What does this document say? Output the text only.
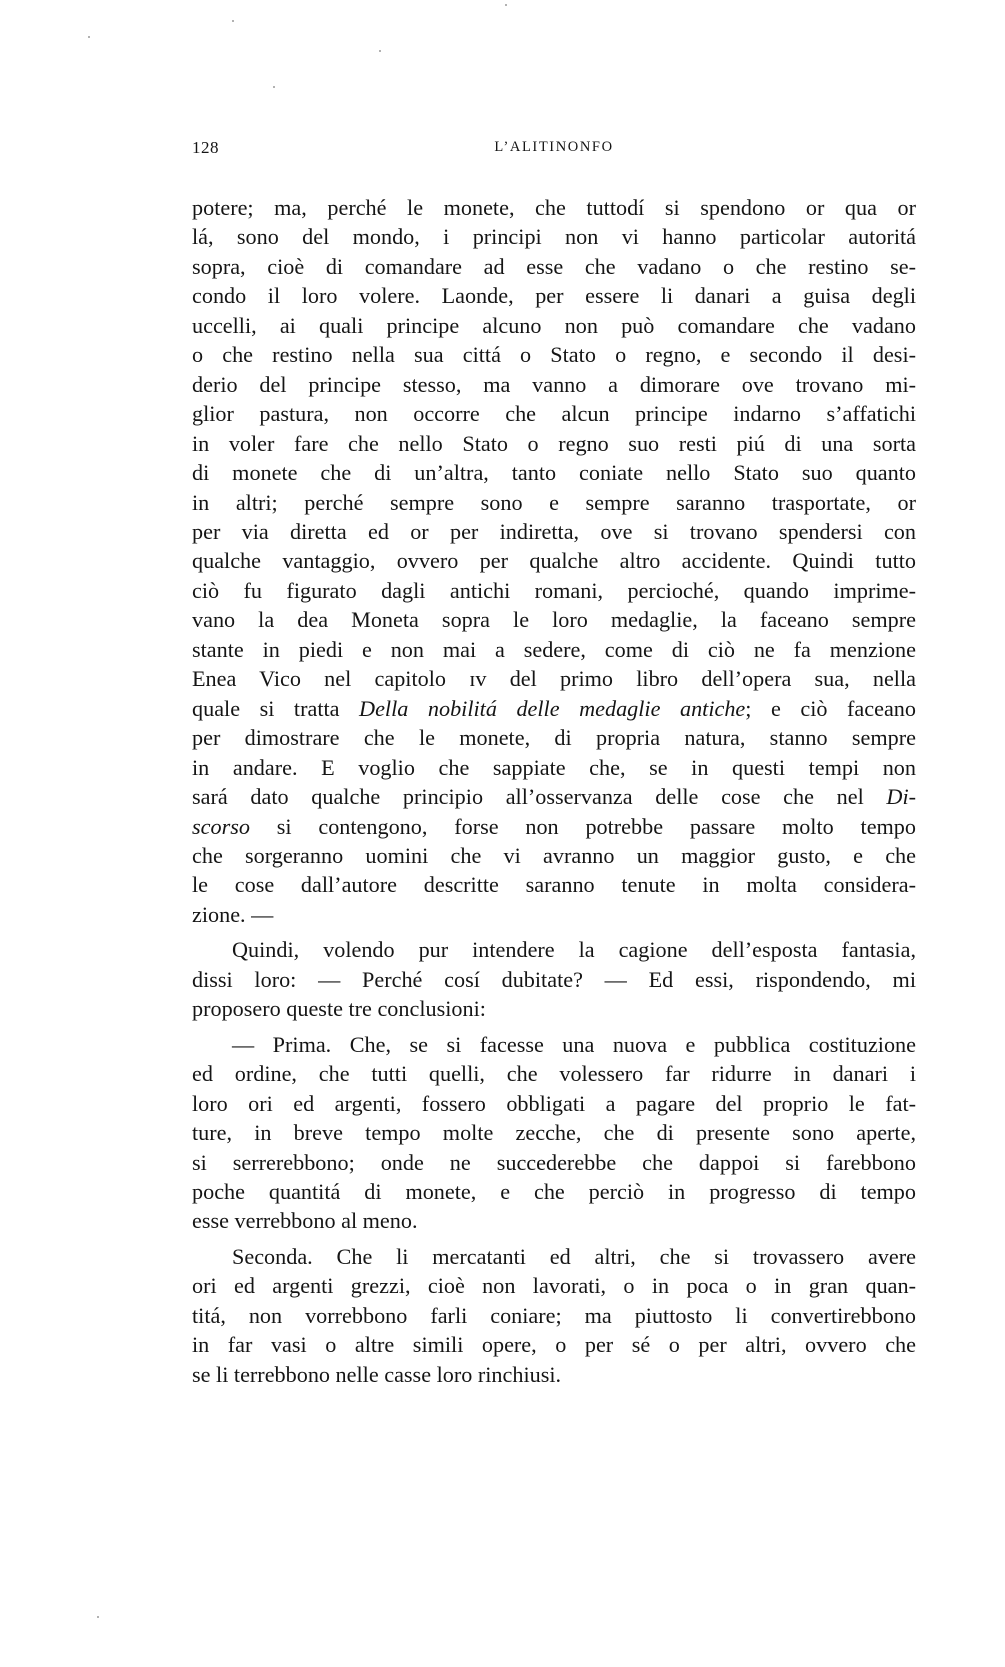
128	L’ALITINONFO

potere; ma, perché le monete, che tuttodí si spendono or qua or
lá, sono del mondo, i principi non vi hanno particolar autoritá
sopra, cioè di comandare ad esse che vadano o che restino se-
condo il loro volere. Laonde, per essere li danari a guisa degli
uccelli, ai quali principe alcuno non può comandare che vadano
o che restino nella sua cittá o Stato o regno, e secondo il desi-
derio del principe stesso, ma vanno a dimorare ove trovano mi-
glior pastura, non occorre che alcun principe indarno s’affatichi
in voler fare che nello Stato o regno suo resti piú di una sorta
di monete che di un’altra, tanto coniate nello Stato suo quanto
in altri; perché sempre sono e sempre saranno trasportate, or
per via diretta ed or per indiretta, ove si trovano spendersi con
qualche vantaggio, ovvero per qualche altro accidente. Quindi tutto
ciò fu figurato dagli antichi romani, percioché, quando imprime-
vano la dea Moneta sopra le loro medaglie, la faceano sempre
stante in piedi e non mai a sedere, come di ciò ne fa menzione
Enea Vico nel capitolo ɪv del primo libro dell’opera sua, nella
quale si tratta Della nobilitá delle medaglie antiche; e ciò faceano
per dimostrare che le monete, di propria natura, stanno sempre
in andare. E voglio che sappiate che, se in questi tempi non
sará dato qualche principio all’osservanza delle cose che nel Di-
scorso si contengono, forse non potrebbe passare molto tempo
che sorgeranno uomini che vi avranno un maggior gusto, e che
le cose dall’autore descritte saranno tenute in molta considera-
zione. —

Quindi, volendo pur intendere la cagione dell’esposta fantasia,
dissi loro: — Perché cosí dubitate? — Ed essi, rispondendo, mi
proposero queste tre conclusioni:

— Prima. Che, se si facesse una nuova e pubblica costituzione
ed ordine, che tutti quelli, che volessero far ridurre in danari i
loro ori ed argenti, fossero obbligati a pagare del proprio le fat-
ture, in breve tempo molte zecche, che di presente sono aperte,
si serrerebbono; onde ne succederebbe che dappoi si farebbono
poche quantitá di monete, e che perciò in progresso di tempo
esse verrebbono al meno.

Seconda. Che li mercatanti ed altri, che si trovassero avere
ori ed argenti grezzi, cioè non lavorati, o in poca o in gran quan-
titá, non vorrebbono farli coniare; ma piuttosto li convertirebbono
in far vasi o altre simili opere, o per sé o per altri, ovvero che
se li terrebbono nelle casse loro rinchiusi.
